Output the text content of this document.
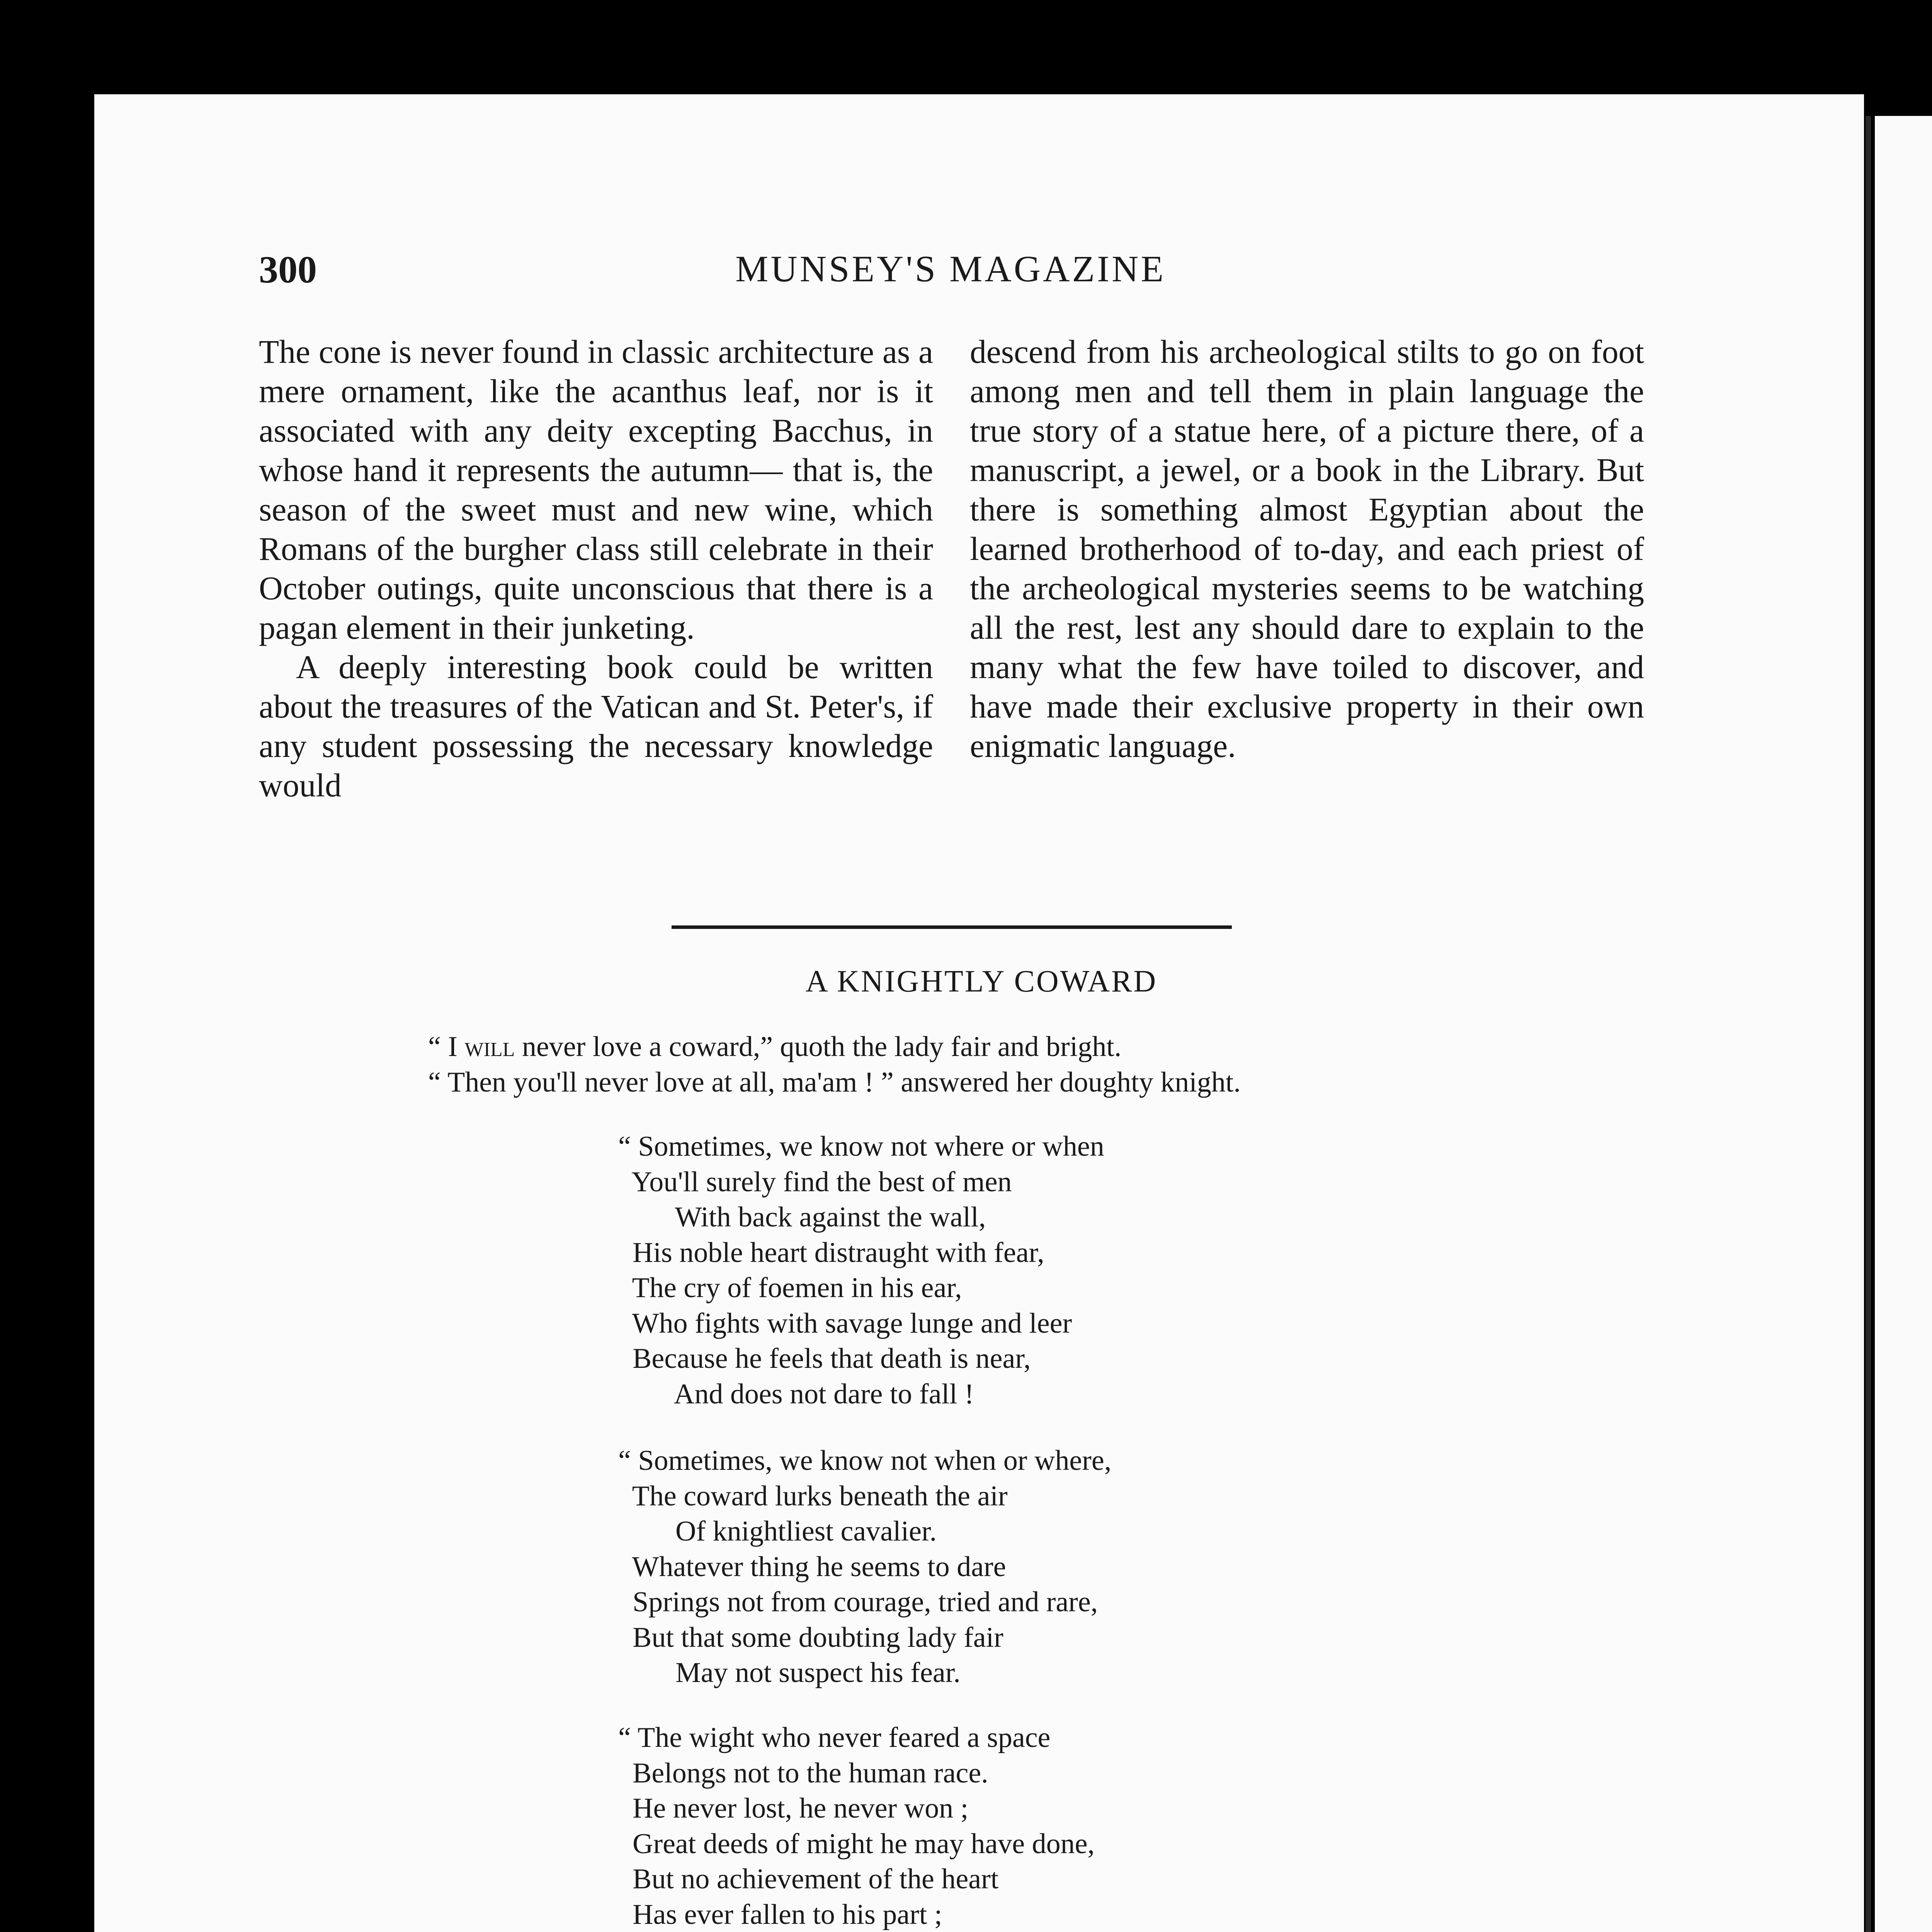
300	MUNSEY'S MAGAZINE

The cone is never found in classic architecture as a mere ornament, like the acanthus leaf, nor is it associated with any deity excepting Bacchus, in whose hand it represents the autumn— that is, the season of the sweet must and new wine, which Romans of the burgher class still celebrate in their October outings, quite unconscious that there is a pagan element in their junketing.

A deeply interesting book could be written about the treasures of the Vatican and St. Peter's, if any student possessing the necessary knowledge would

descend from his archeological stilts to go on foot among men and tell them in plain language the true story of a statue here, of a picture there, of a manuscript, a jewel, or a book in the Library. But there is something almost Egyptian about the learned brotherhood of to-day, and each priest of the archeological mysteries seems to be watching all the rest, lest any should dare to explain to the many what the few have toiled to discover, and have made their exclusive property in their own enigmatic language.

A KNIGHTLY COWARD
“ I will never love a coward,” quoth the lady fair and bright.
“ Then you'll never love at all, ma'am ! ” answered her doughty knight.
“ Sometimes, we know not where or when
You'll surely find the best of men
With back against the wall,
His noble heart distraught with fear,
The cry of foemen in his ear,
Who fights with savage lunge and leer
Because he feels that death is near,
And does not dare to fall !
“ Sometimes, we know not when or where,
The coward lurks beneath the air
Of knightliest cavalier.
Whatever thing he seems to dare
Springs not from courage, tried and rare,
But that some doubting lady fair
May not suspect his fear.
“ The wight who never feared a space
Belongs not to the human race.
He never lost, he never won ;
Great deeds of might he may have done,
But no achievement of the heart
Has ever fallen to his part ;
